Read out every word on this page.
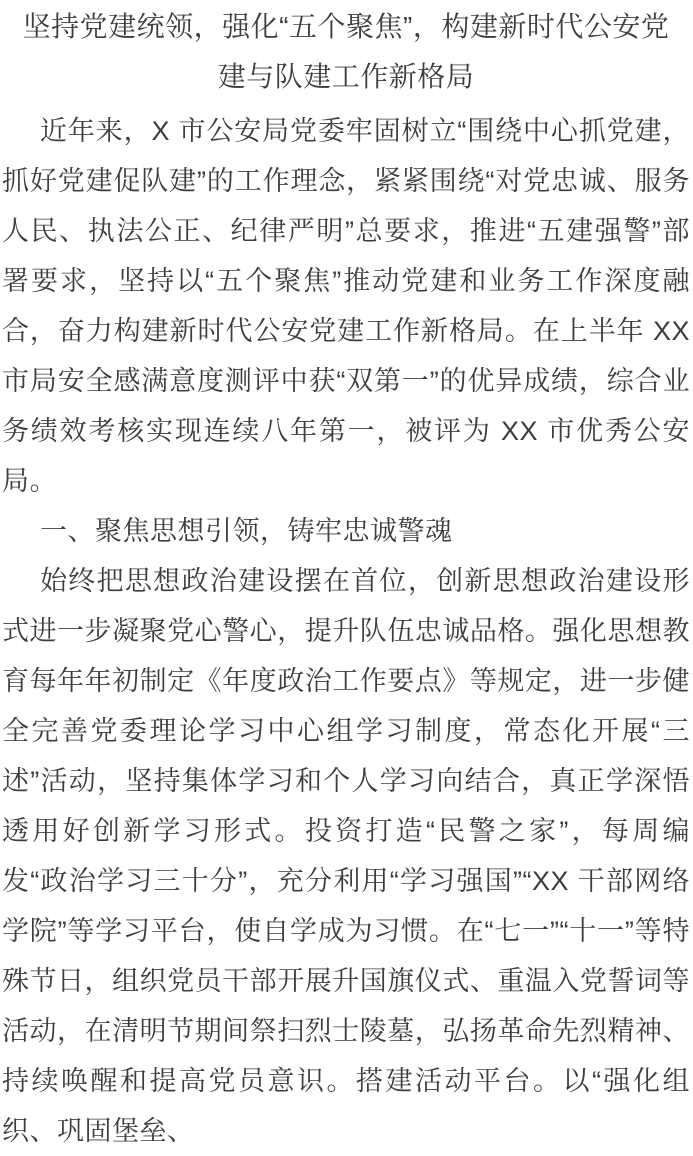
坚持党建统领，强化“五个聚焦”，构建新时代公安党建与队建工作新格局
近年来，X 市公安局党委牢固树立“围绕中心抓党建，抓好党建促队建”的工作理念，紧紧围绕“对党忠诚、服务人民、执法公正、纪律严明”总要求，推进“五建强警”部署要求，坚持以“五个聚焦”推动党建和业务工作深度融合，奋力构建新时代公安党建工作新格局。在上半年 XX 市局安全感满意度测评中获“双第一”的优异成绩，综合业务绩效考核实现连续八年第一，被评为 XX 市优秀公安局。
一、聚焦思想引领，铸牢忠诚警魂
始终把思想政治建设摆在首位，创新思想政治建设形式进一步凝聚党心警心，提升队伍忠诚品格。强化思想教育每年年初制定《年度政治工作要点》等规定，进一步健全完善党委理论学习中心组学习制度，常态化开展“三述”活动，坚持集体学习和个人学习向结合，真正学深悟透用好创新学习形式。投资打造“民警之家”，每周编发“政治学习三十分”，充分利用“学习强国”“XX 干部网络学院”等学习平台，使自学成为习惯。在“七一”“十一”等特殊节日，组织党员干部开展升国旗仪式、重温入党誓词等活动，在清明节期间祭扫烈士陵墓，弘扬革命先烈精神、持续唤醒和提高党员意识。搭建活动平台。以“强化组织、巩固堡垒、
